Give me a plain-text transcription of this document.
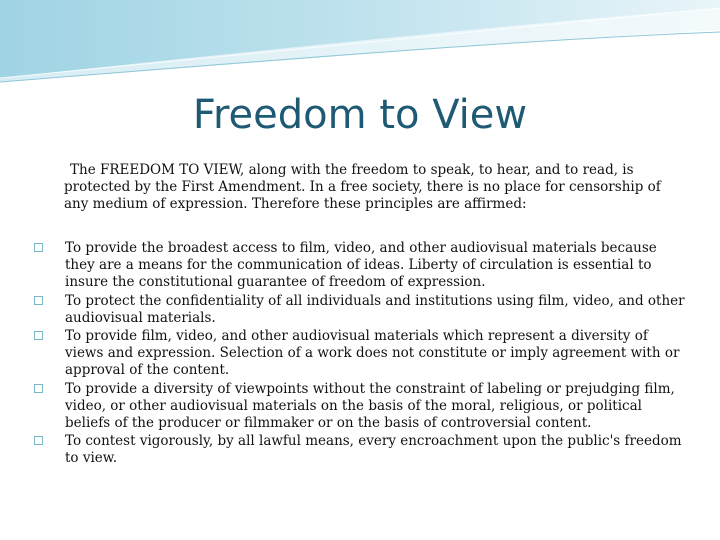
Freedom to View

The FREEDOM TO VIEW, along with the freedom to speak, to hear, and to read, is protected by the First Amendment. In a free society, there is no place for censorship of any medium of expression. Therefore these principles are affirmed:

To provide the broadest access to film, video, and other audiovisual materials because they are a means for the communication of ideas. Liberty of circulation is essential to insure the constitutional guarantee of freedom of expression.
To protect the confidentiality of all individuals and institutions using film, video, and other audiovisual materials.
To provide film, video, and other audiovisual materials which represent a diversity of views and expression. Selection of a work does not constitute or imply agreement with or approval of the content.
To provide a diversity of viewpoints without the constraint of labeling or prejudging film, video, or other audiovisual materials on the basis of the moral, religious, or political beliefs of the producer or filmmaker or on the basis of controversial content.
To contest vigorously, by all lawful means, every encroachment upon the public's freedom to view.
